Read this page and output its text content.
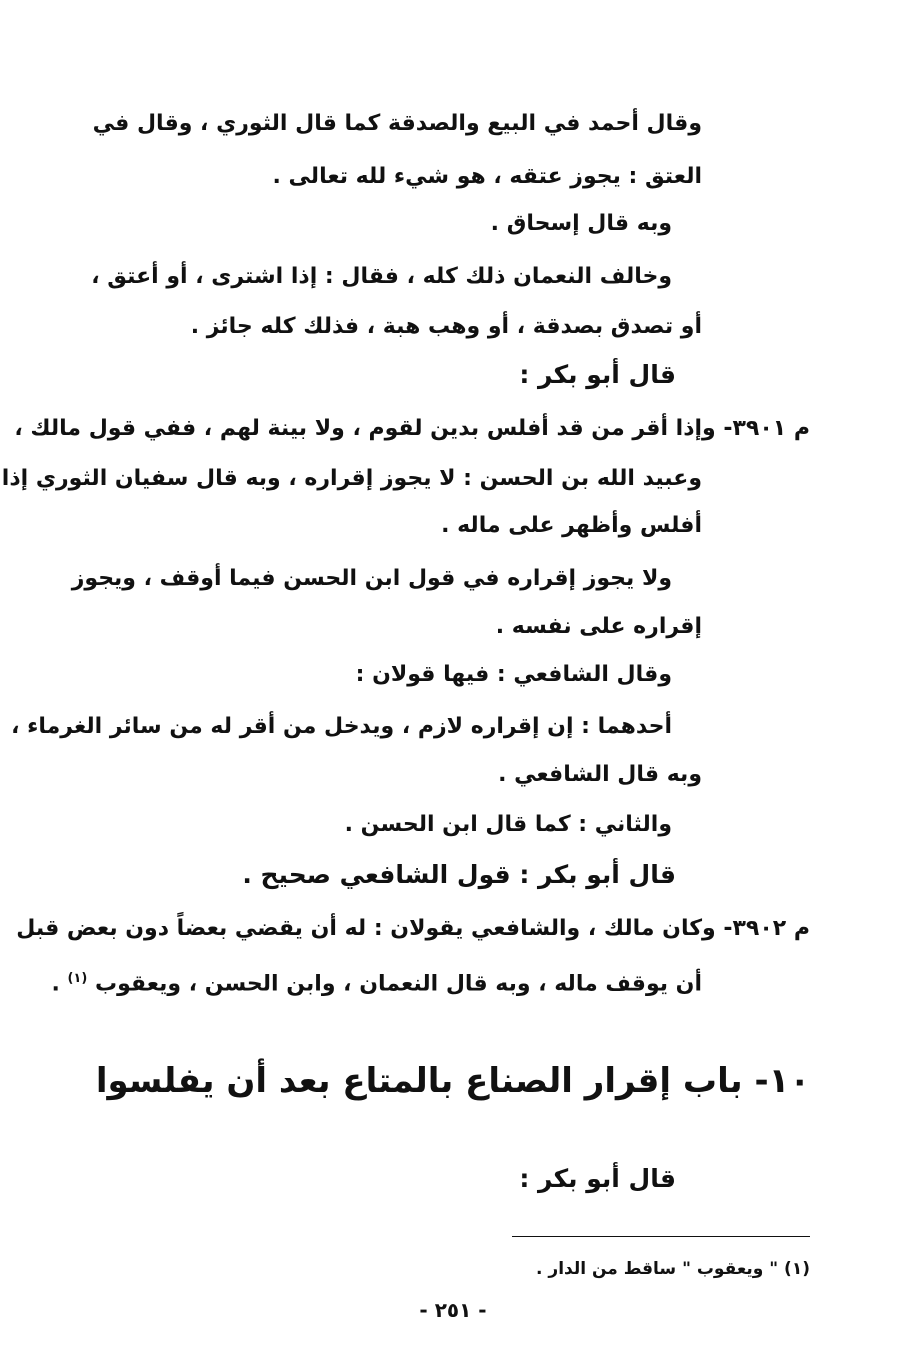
وقال أحمد في البيع والصدقة كما قال الثوري ، وقال في
العتق : يجوز عتقه ، هو شيء لله تعالى .
وبه قال إسحاق .
وخالف النعمان ذلك كله ، فقال : إذا اشترى ، أو أعتق ،
أو تصدق بصدقة ، أو وهب هبة ، فذلك كله جائز .
قال أبو بكر :
م ٣٩٠١- وإذا أقر من قد أفلس بدين لقوم ، ولا بينة لهم ، ففي قول مالك ،
وعبيد الله بن الحسن : لا يجوز إقراره ، وبه قال سفيان الثوري إذا
أفلس وأظهر على ماله .
ولا يجوز إقراره في قول ابن الحسن فيما أوقف ، ويجوز
إقراره على نفسه .
وقال الشافعي : فيها قولان :
أحدهما : إن إقراره لازم ، ويدخل من أقر له من سائر الغرماء ،
وبه قال الشافعي .
والثاني : كما قال ابن الحسن .
قال أبو بكر : قول الشافعي صحيح .
م ٣٩٠٢- وكان مالك ، والشافعي يقولان : له أن يقضي بعضاً دون بعض قبل
أن يوقف ماله ، وبه قال النعمان ، وابن الحسن ، ويعقوب $^{(١)}$ .
١٠- باب إقرار الصناع بالمتاع بعد أن يفلسوا
قال أبو بكر :
(١) " ويعقوب " ساقط من الدار .
- ٢٥١ -
